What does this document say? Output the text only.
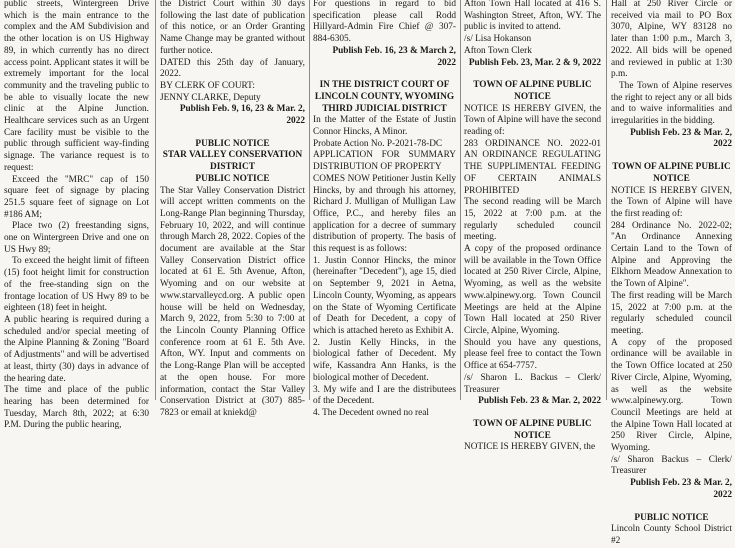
public streets, Wintergreen Drive which is the main entrance to the complex and the AM Subdivision and the other location is on US Highway 89, in which currently has no direct access point. Applicant states it will be extremely important for the local community and the traveling public to be able to visually locate the new clinic at the Alpine Junction. Healthcare services such as an Urgent Care facility must be visible to the public through sufficient way-finding signage. The variance request is to request:

Exceed the "MRC" cap of 150 square feet of signage by placing 251.5 square feet of signage on Lot #186 AM;

Place two (2) freestanding signs, one on Wintergreen Drive and one on US Hwy 89;

To exceed the height limit of fifteen (15) foot height limit for construction of the free-standing sign on the frontage location of US Hwy 89 to be eighteen (18) feet in height.

A public hearing is required during a scheduled and/or special meeting of the Alpine Planning & Zoning "Board of Adjustments" and will be advertised at least, thirty (30) days in advance of the hearing date.

The time and place of the public hearing has been determined for Tuesday, March 8th, 2022; at 6:30 P.M. During the public hearing,

the District Court within 30 days following the last date of publication of this notice, or an Order Granting Name Change may be granted without further notice.

DATED this 25th day of January, 2022.

BY CLERK OF COURT:

JENNY CLARKE, Deputy

Publish Feb. 9, 16, 23 & Mar. 2, 2022

PUBLIC NOTICE

STAR VALLEY CONSERVATION DISTRICT

PUBLIC NOTICE

The Star Valley Conservation District will accept written comments on the Long-Range Plan beginning Thursday, February 10, 2022, and will continue through March 28, 2022. Copies of the document are available at the Star Valley Conservation District office located at 61 E. 5th Avenue, Afton, Wyoming and on our website at www.starvalleycd.org. A public open house will be held on Wednesday, March 9, 2022, from 5:30 to 7:00 at the Lincoln County Planning Office conference room at 61 E. 5th Ave. Afton, WY. Input and comments on the Long-Range Plan will be accepted at the open house. For more information, contact the Star Valley Conservation District at (307) 885-7823 or email at kniekd@

For questions in regard to bid specification please call Rodd Hillyard-Admin Fire Chief @ 307-884-6305.

Publish Feb. 16, 23 & March 2, 2022

IN THE DISTRICT COURT OF LINCOLN COUNTY, WYOMING THIRD JUDICIAL DISTRICT

In the Matter of the Estate of Justin Connor Hincks, A Minor.

Probate Action No. P-2021-78-DC

APPLICATION FOR SUMMARY DISTRIBUTION OF PROPERTY

COMES NOW Petitioner Justin Kelly Hincks, by and through his attorney, Richard J. Mulligan of Mulligan Law Office, P.C., and hereby files an application for a decree of summary distribution of property. The basis of this request is as follows:

1. Justin Connor Hincks, the minor (hereinafter "Decedent"), age 15, died on September 9, 2021 in Aetna, Lincoln County, Wyoming, as appears on the State of Wyoming Certificate of Death for Decedent, a copy of which is attached hereto as Exhibit A.

2. Justin Kelly Hincks, in the biological father of Decedent. My wife, Kassandra Ann Hanks, is the biological mother of Decedent.

3. My wife and I are the distributees of the Decedent.

4. The Decedent owned no real

Afton Town Hall located at 416 S. Washington Street, Afton, WY. The public is invited to attend.

/s/ Lisa Hokanson

Afton Town Clerk

Publish Feb. 23, Mar. 2 & 9, 2022

TOWN OF ALPINE PUBLIC NOTICE

NOTICE IS HEREBY GIVEN, the Town of Alpine will have the second reading of:

283 ORDINANCE NO. 2022-01 AN ORDINANCE REGULATING THE SUPPLIMENTAL FEEDING OF CERTAIN ANIMALS PROHIBITED

The second reading will be March 15, 2022 at 7:00 p.m. at the regularly scheduled council meeting.

A copy of the proposed ordinance will be available in the Town Office located at 250 River Circle, Alpine, Wyoming, as well as the website www.alpinewy.org. Town Council Meetings are held at the Alpine Town Hall located at 250 River Circle, Alpine, Wyoming.

Should you have any questions, please feel free to contact the Town Office at 654-7757.

/s/ Sharon L. Backus – Clerk/ Treasurer

Publish Feb. 23 & Mar. 2, 2022

TOWN OF ALPINE PUBLIC NOTICE

NOTICE IS HEREBY GIVEN, the

Hall at 250 River Circle or received via mail to PO Box 3070, Alpine, WY 83128 no later than 1:00 p.m., March 3, 2022. All bids will be opened and reviewed in public at 1:30 p.m.

The Town of Alpine reserves the right to reject any or all bids and to waive informalities and irregularities in the bidding.

Publish Feb. 23 & Mar. 2, 2022

TOWN OF ALPINE PUBLIC NOTICE

NOTICE IS HEREBY GIVEN, the Town of Alpine will have the first reading of:

284 Ordinance No. 2022-02; "An Ordinance Annexing Certain Land to the Town of Alpine and Approving the Elkhorn Meadow Annexation to the Town of Alpine".

The first reading will be March 15, 2022 at 7:00 p.m. at the regularly scheduled council meeting.

A copy of the proposed ordinance will be available in the Town Office located at 250 River Circle, Alpine, Wyoming, as well as the website www.alpinewy.org. Town Council Meetings are held at the Alpine Town Hall located at 250 River Circle, Alpine, Wyoming.

/s/ Sharon Backus – Clerk/ Treasurer

Publish Feb. 23 & Mar. 2, 2022

PUBLIC NOTICE

Lincoln County School District #2
